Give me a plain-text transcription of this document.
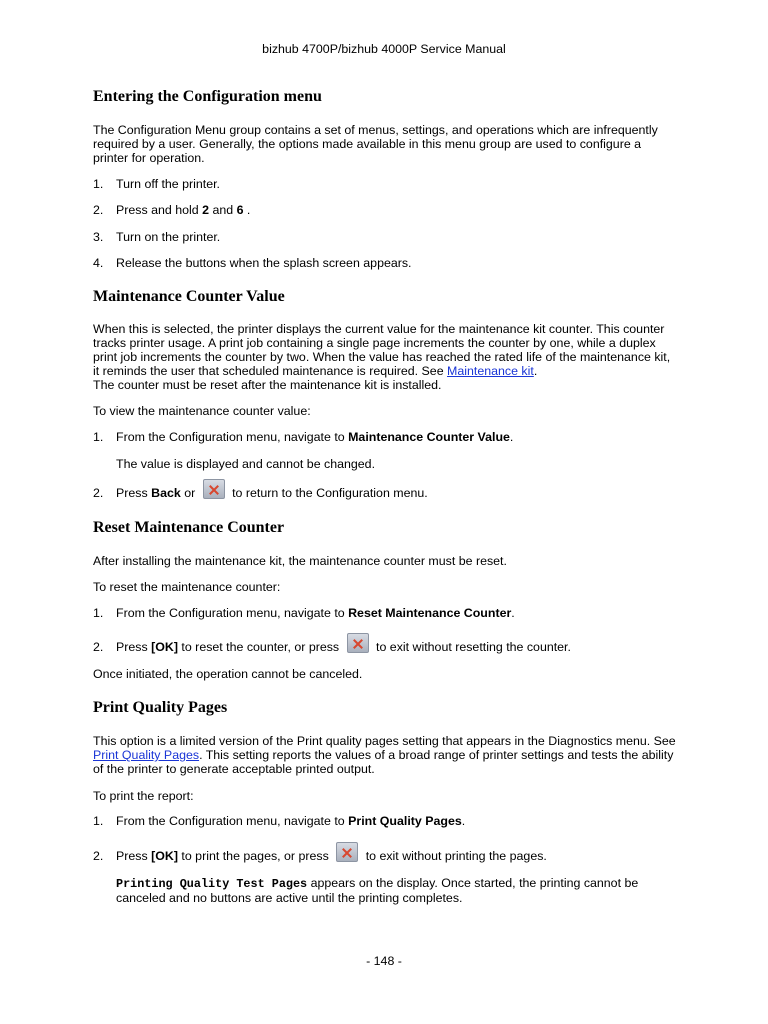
bizhub 4700P/bizhub 4000P Service Manual
Entering the Configuration menu

The Configuration Menu group contains a set of menus, settings, and operations which are infrequently required by a user. Generally, the options made available in this menu group are used to configure a printer for operation.

1.	Turn off the printer.
2.	Press and hold 2 and 6 .
3.	Turn on the printer.
4.	Release the buttons when the splash screen appears.
Maintenance Counter Value

When this is selected, the printer displays the current value for the maintenance kit counter. This counter tracks printer usage. A print job containing a single page increments the counter by one, while a duplex print job increments the counter by two. When the value has reached the rated life of the maintenance kit, it reminds the user that scheduled maintenance is required. See Maintenance kit.
The counter must be reset after the maintenance kit is installed.

To view the maintenance counter value:

1.	From the Configuration menu, navigate to Maintenance Counter Value.

The value is displayed and cannot be changed.

2.	Press Back or  to return to the Configuration menu.
Reset Maintenance Counter

After installing the maintenance kit, the maintenance counter must be reset.

To reset the maintenance counter:

1.	From the Configuration menu, navigate to Reset Maintenance Counter.
2.	Press [OK] to reset the counter, or press  to exit without resetting the counter.

Once initiated, the operation cannot be canceled.

Print Quality Pages

This option is a limited version of the Print quality pages setting that appears in the Diagnostics menu. See Print Quality Pages. This setting reports the values of a broad range of printer settings and tests the ability of the printer to generate acceptable printed output.

To print the report:

1.	From the Configuration menu, navigate to Print Quality Pages.
2.	Press [OK] to print the pages, or press  to exit without printing the pages.

Printing Quality Test Pages appears on the display. Once started, the printing cannot be canceled and no buttons are active until the printing completes.

- 148 -
